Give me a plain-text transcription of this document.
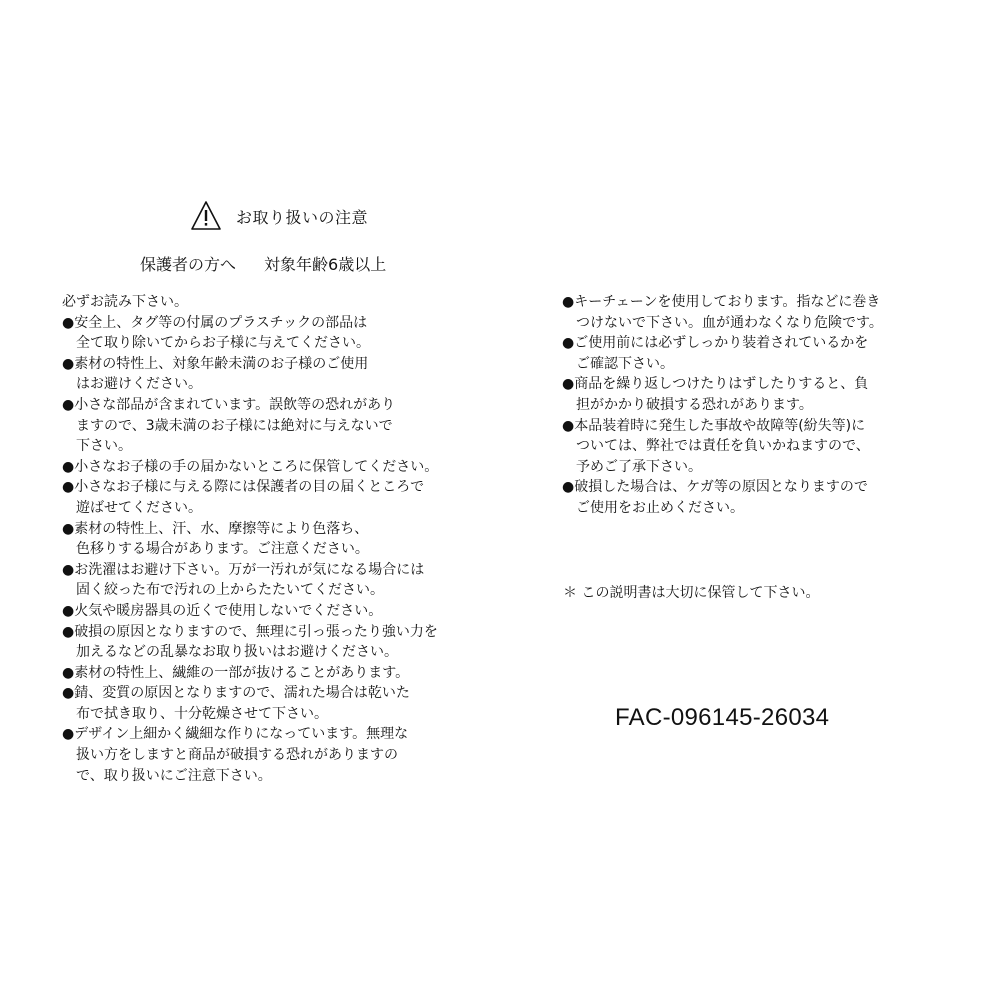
お取り扱いの注意
保護者の方へ 対象年齢6歳以上
必ずお読み下さい。
●安全上、タグ等の付属のプラスチックの部品は
全て取り除いてからお子様に与えてください。
●素材の特性上、対象年齢未満のお子様のご使用
はお避けください。
●小さな部品が含まれています。誤飲等の恐れがあり
ますので、3歳未満のお子様には絶対に与えないで
下さい。
●小さなお子様の手の届かないところに保管してください。
●小さなお子様に与える際には保護者の目の届くところで
遊ばせてください。
●素材の特性上、汗、水、摩擦等により色落ち、
色移りする場合があります。ご注意ください。
●お洗濯はお避け下さい。万が一汚れが気になる場合には
固く絞った布で汚れの上からたたいてください。
●火気や暖房器具の近くで使用しないでください。
●破損の原因となりますので、無理に引っ張ったり強い力を
加えるなどの乱暴なお取り扱いはお避けください。
●素材の特性上、繊維の一部が抜けることがあります。
●錆、変質の原因となりますので、濡れた場合は乾いた
布で拭き取り、十分乾燥させて下さい。
●デザイン上細かく繊細な作りになっています。無理な
扱い方をしますと商品が破損する恐れがありますの
で、取り扱いにご注意下さい。
●キーチェーンを使用しております。指などに巻き
つけないで下さい。血が通わなくなり危険です。
●ご使用前には必ずしっかり装着されているかを
ご確認下さい。
●商品を繰り返しつけたりはずしたりすると、負
担がかかり破損する恐れがあります。
●本品装着時に発生した事故や故障等(紛失等)に
ついては、弊社では責任を負いかねますので、
予めご了承下さい。
●破損した場合は、ケガ等の原因となりますので
ご使用をお止めください。
＊ この説明書は大切に保管して下さい。
FAC-096145-26034
